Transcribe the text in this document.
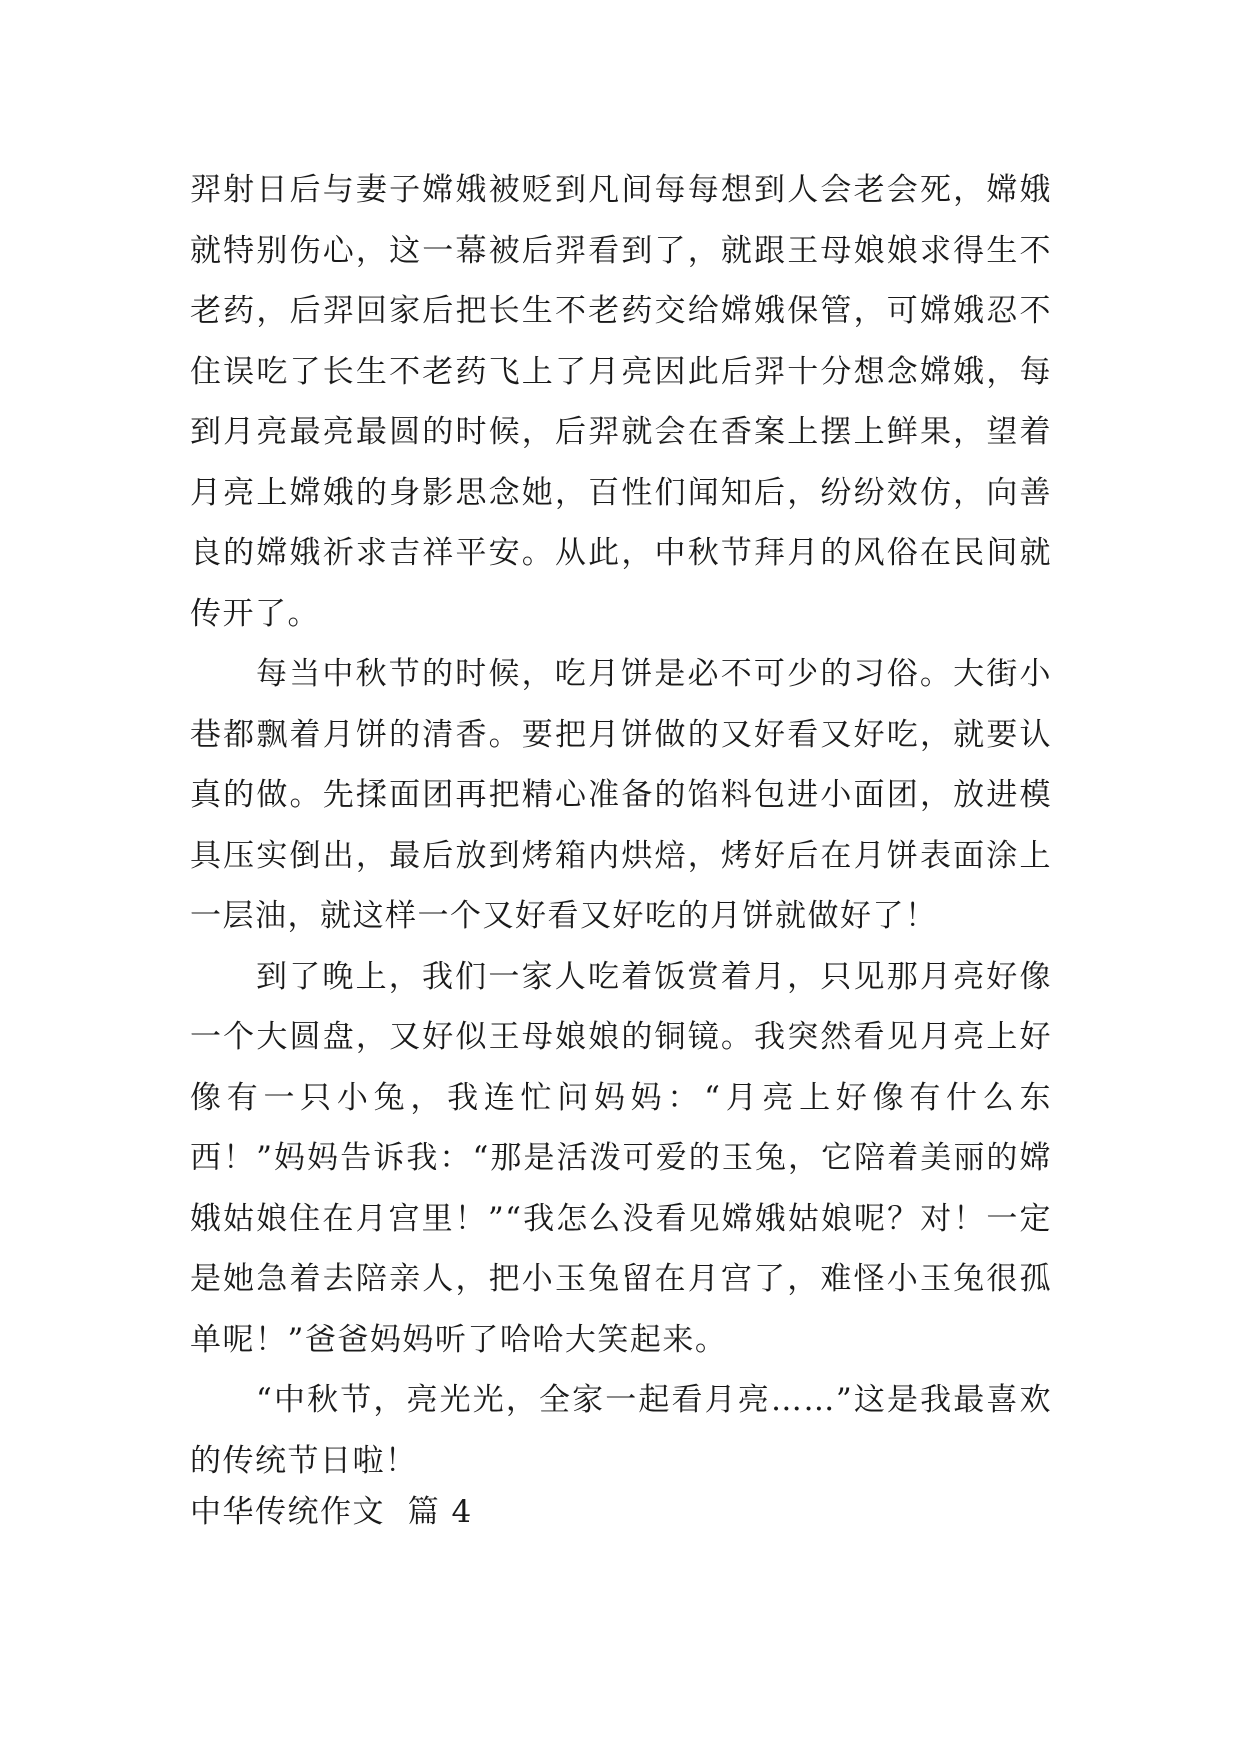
羿射日后与妻子嫦娥被贬到凡间每每想到人会老会死，嫦娥就特别伤心，这一幕被后羿看到了，就跟王母娘娘求得生不老药，后羿回家后把长生不老药交给嫦娥保管，可嫦娥忍不住误吃了长生不老药飞上了月亮因此后羿十分想念嫦娥，每到月亮最亮最圆的时候，后羿就会在香案上摆上鲜果，望着月亮上嫦娥的身影思念她，百性们闻知后，纷纷效仿，向善良的嫦娥祈求吉祥平安。从此，中秋节拜月的风俗在民间就传开了。

每当中秋节的时候，吃月饼是必不可少的习俗。大街小巷都飘着月饼的清香。要把月饼做的又好看又好吃，就要认真的做。先揉面团再把精心准备的馅料包进小面团，放进模具压实倒出，最后放到烤箱内烘焙，烤好后在月饼表面涂上一层油，就这样一个又好看又好吃的月饼就做好了！

到了晚上，我们一家人吃着饭赏着月，只见那月亮好像一个大圆盘，又好似王母娘娘的铜镜。我突然看见月亮上好像有一只小兔，我连忙问妈妈：“月亮上好像有什么东西！”妈妈告诉我：“那是活泼可爱的玉兔，它陪着美丽的嫦娥姑娘住在月宫里！”“我怎么没看见嫦娥姑娘呢？对！一定是她急着去陪亲人，把小玉兔留在月宫了，难怪小玉兔很孤单呢！”爸爸妈妈听了哈哈大笑起来。

“中秋节，亮光光，全家一起看月亮……”这是我最喜欢的传统节日啦！

中华传统作文  篇 4
